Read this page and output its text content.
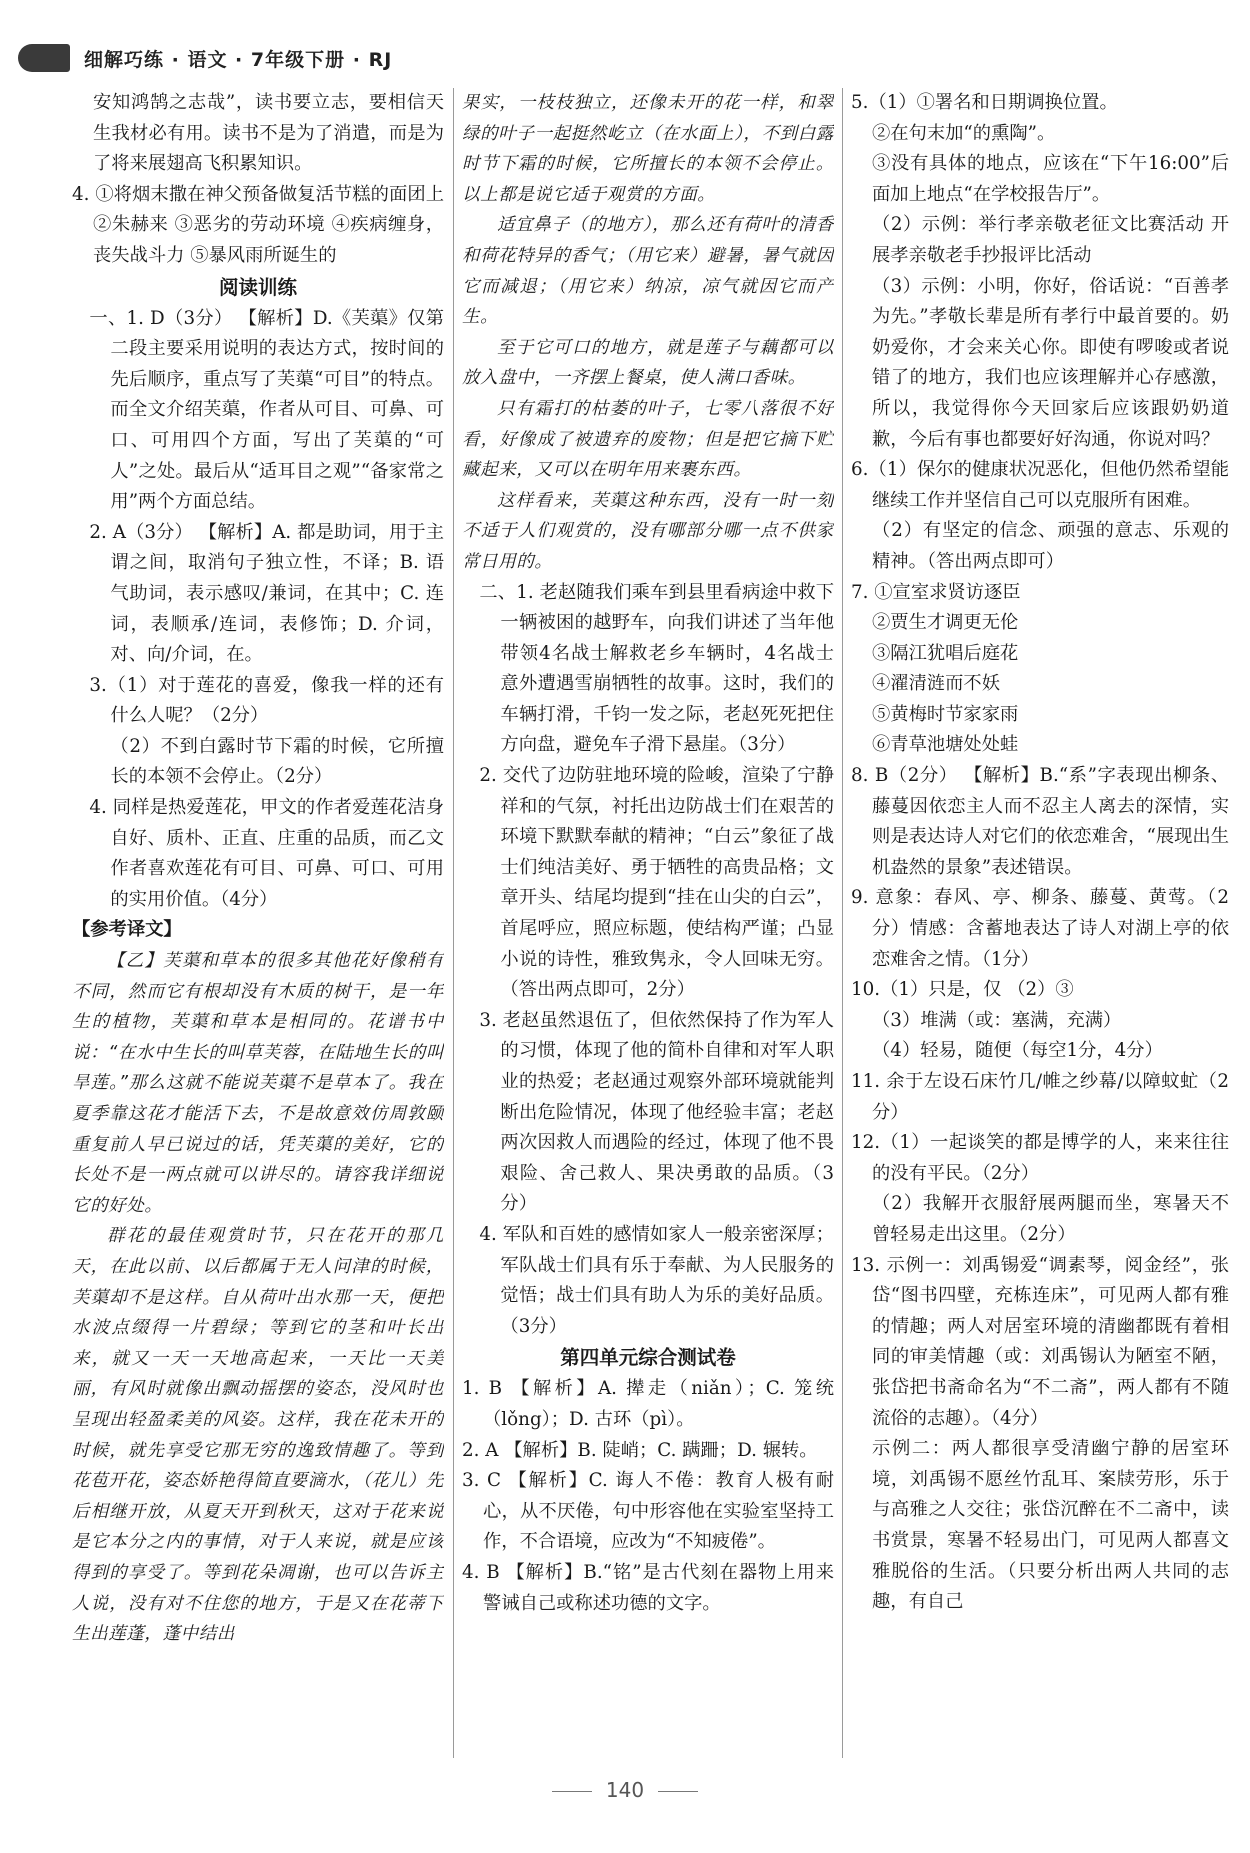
细解巧练 · 语文 · 7年级下册 · RJ

安知鸿鹄之志哉”，读书要立志，要相信天生我材必有用。读书不是为了消遣，而是为了将来展翅高飞积累知识。

4. ①将烟末撒在神父预备做复活节糕的面团上 ②朱赫来 ③恶劣的劳动环境 ④疾病缠身，丧失战斗力 ⑤暴风雨所诞生的

阅读训练

一、1. D（3分） 【解析】D.《芙蕖》仅第二段主要采用说明的表达方式，按时间的先后顺序，重点写了芙蕖“可目”的特点。而全文介绍芙蕖，作者从可目、可鼻、可口、可用四个方面，写出了芙蕖的“可人”之处。最后从“适耳目之观”“备家常之用”两个方面总结。

2. A（3分） 【解析】A. 都是助词，用于主谓之间，取消句子独立性，不译；B. 语气助词，表示感叹/兼词，在其中；C. 连词，表顺承/连词，表修饰；D. 介词，对、向/介词，在。

3.（1）对于莲花的喜爱，像我一样的还有什么人呢？（2分）

（2）不到白露时节下霜的时候，它所擅长的本领不会停止。（2分）

4. 同样是热爱莲花，甲文的作者爱莲花洁身自好、质朴、正直、庄重的品质，而乙文作者喜欢莲花有可目、可鼻、可口、可用的实用价值。（4分）

【参考译文】

【乙】芙蕖和草本的很多其他花好像稍有不同，然而它有根却没有木质的树干，是一年生的植物，芙蕖和草本是相同的。花谱书中说：“在水中生长的叫草芙蓉，在陆地生长的叫旱莲。”那么这就不能说芙蕖不是草本了。我在夏季靠这花才能活下去，不是故意效仿周敦颐重复前人早已说过的话，凭芙蕖的美好，它的长处不是一两点就可以讲尽的。请容我详细说它的好处。

群花的最佳观赏时节，只在花开的那几天，在此以前、以后都属于无人问津的时候，芙蕖却不是这样。自从荷叶出水那一天，便把水波点缀得一片碧绿；等到它的茎和叶长出来，就又一天一天地高起来，一天比一天美丽，有风时就像出飘动摇摆的姿态，没风时也呈现出轻盈柔美的风姿。这样，我在花未开的时候，就先享受它那无穷的逸致情趣了。等到花苞开花，姿态娇艳得简直要滴水，（花儿）先后相继开放，从夏天开到秋天，这对于花来说是它本分之内的事情，对于人来说，就是应该得到的享受了。等到花朵凋谢，也可以告诉主人说，没有对不住您的地方，于是又在花蒂下生出莲蓬，蓬中结出

果实，一枝枝独立，还像未开的花一样，和翠绿的叶子一起挺然屹立（在水面上），不到白露时节下霜的时候，它所擅长的本领不会停止。以上都是说它适于观赏的方面。

适宜鼻子（的地方），那么还有荷叶的清香和荷花特异的香气；（用它来）避暑，暑气就因它而减退；（用它来）纳凉，凉气就因它而产生。

至于它可口的地方，就是莲子与藕都可以放入盘中，一齐摆上餐桌，使人满口香味。

只有霜打的枯萎的叶子，七零八落很不好看，好像成了被遗弃的废物；但是把它摘下贮藏起来，又可以在明年用来裹东西。

这样看来，芙蕖这种东西，没有一时一刻不适于人们观赏的，没有哪部分哪一点不供家常日用的。

二、1. 老赵随我们乘车到县里看病途中救下一辆被困的越野车，向我们讲述了当年他带领4名战士解救老乡车辆时，4名战士意外遭遇雪崩牺牲的故事。这时，我们的车辆打滑，千钧一发之际，老赵死死把住方向盘，避免车子滑下悬崖。（3分）

2. 交代了边防驻地环境的险峻，渲染了宁静祥和的气氛，衬托出边防战士们在艰苦的环境下默默奉献的精神；“白云”象征了战士们纯洁美好、勇于牺牲的高贵品格；文章开头、结尾均提到“挂在山尖的白云”，首尾呼应，照应标题，使结构严谨；凸显小说的诗性，雅致隽永，令人回味无穷。（答出两点即可，2分）

3. 老赵虽然退伍了，但依然保持了作为军人的习惯，体现了他的简朴自律和对军人职业的热爱；老赵通过观察外部环境就能判断出危险情况，体现了他经验丰富；老赵两次因救人而遇险的经过，体现了他不畏艰险、舍己救人、果决勇敢的品质。（3分）

4. 军队和百姓的感情如家人一般亲密深厚；军队战士们具有乐于奉献、为人民服务的觉悟；战士们具有助人为乐的美好品质。（3分）

第四单元综合测试卷

1. B 【解析】A. 撵走（niǎn）；C. 笼统（lǒng）；D. 古环（pì）。

2. A 【解析】B. 陡峭；C. 蹒跚；D. 辗转。

3. C 【解析】C. 诲人不倦：教育人极有耐心，从不厌倦，句中形容他在实验室坚持工作，不合语境，应改为“不知疲倦”。

4. B 【解析】B.“铭”是古代刻在器物上用来警诫自己或称述功德的文字。

5.（1）①署名和日期调换位置。

②在句末加“的熏陶”。

③没有具体的地点，应该在“下午16:00”后面加上地点“在学校报告厅”。

（2）示例：举行孝亲敬老征文比赛活动 开展孝亲敬老手抄报评比活动

（3）示例：小明，你好，俗话说：“百善孝为先。”孝敬长辈是所有孝行中最首要的。奶奶爱你，才会来关心你。即使有啰唆或者说错了的地方，我们也应该理解并心存感激，所以，我觉得你今天回家后应该跟奶奶道歉，今后有事也都要好好沟通，你说对吗？

6.（1）保尔的健康状况恶化，但他仍然希望能继续工作并坚信自己可以克服所有困难。

（2）有坚定的信念、顽强的意志、乐观的精神。（答出两点即可）

7. ①宣室求贤访逐臣

②贾生才调更无伦

③隔江犹唱后庭花

④濯清涟而不妖

⑤黄梅时节家家雨

⑥青草池塘处处蛙

8. B（2分） 【解析】B.“系”字表现出柳条、藤蔓因依恋主人而不忍主人离去的深情，实则是表达诗人对它们的依恋难舍，“展现出生机盎然的景象”表述错误。

9. 意象：春风、亭、柳条、藤蔓、黄莺。（2分）情感：含蓄地表达了诗人对湖上亭的依恋难舍之情。（1分）

10.（1）只是，仅 （2）③

（3）堆满（或：塞满，充满）

（4）轻易，随便（每空1分，4分）

11. 余于左设石床竹几/帷之纱幕/以障蚊虻（2分）

12.（1）一起谈笑的都是博学的人，来来往往的没有平民。（2分）

（2）我解开衣服舒展两腿而坐，寒暑天不曾轻易走出这里。（2分）

13. 示例一：刘禹锡爱“调素琴，阅金经”，张岱“图书四壁，充栋连床”，可见两人都有雅的情趣；两人对居室环境的清幽都既有着相同的审美情趣（或：刘禹锡认为陋室不陋，张岱把书斋命名为“不二斋”，两人都有不随流俗的志趣）。（4分）

示例二：两人都很享受清幽宁静的居室环境，刘禹锡不愿丝竹乱耳、案牍劳形，乐于与高雅之人交往；张岱沉醉在不二斋中，读书赏景，寒暑不轻易出门，可见两人都喜文雅脱俗的生活。（只要分析出两人共同的志趣，有自己

140
